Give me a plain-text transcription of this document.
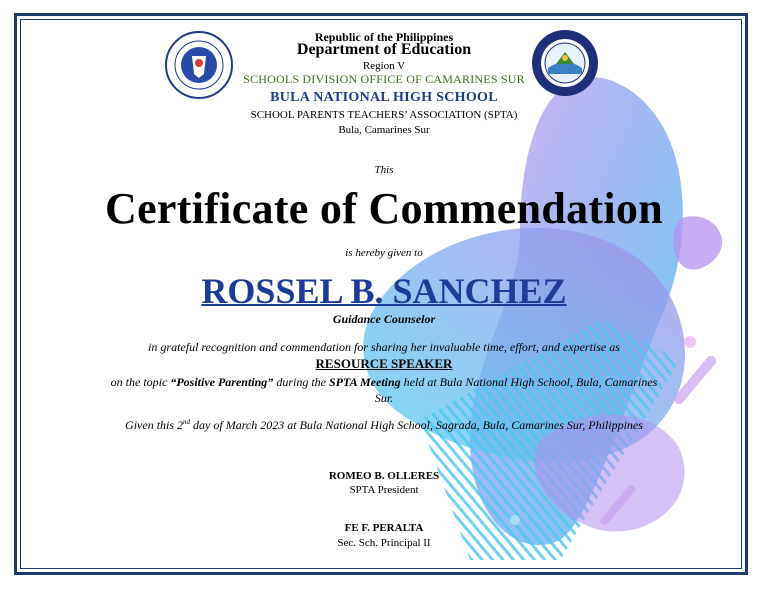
Republic of the Philippines
Department of Education
Region V
SCHOOLS DIVISION OFFICE OF CAMARINES SUR
BULA NATIONAL HIGH SCHOOL
SCHOOL PARENTS TEACHERS’ ASSOCIATION (SPTA)
Bula, Camarines Sur
This
Certificate of Commendation
is hereby given to
ROSSEL B. SANCHEZ
Guidance Counselor
in grateful recognition and commendation for sharing her invaluable time, effort, and expertise as
RESOURCE SPEAKER
on the topic “Positive Parenting” during the SPTA Meeting held at Bula National High School, Bula, Camarines
Sur.
Given this 2nd day of March 2023 at Bula National High School, Sagrada, Bula, Camarines Sur, Philippines
ROMEO B. OLLERES
SPTA President
FE F. PERALTA
Sec. Sch. Principal II
